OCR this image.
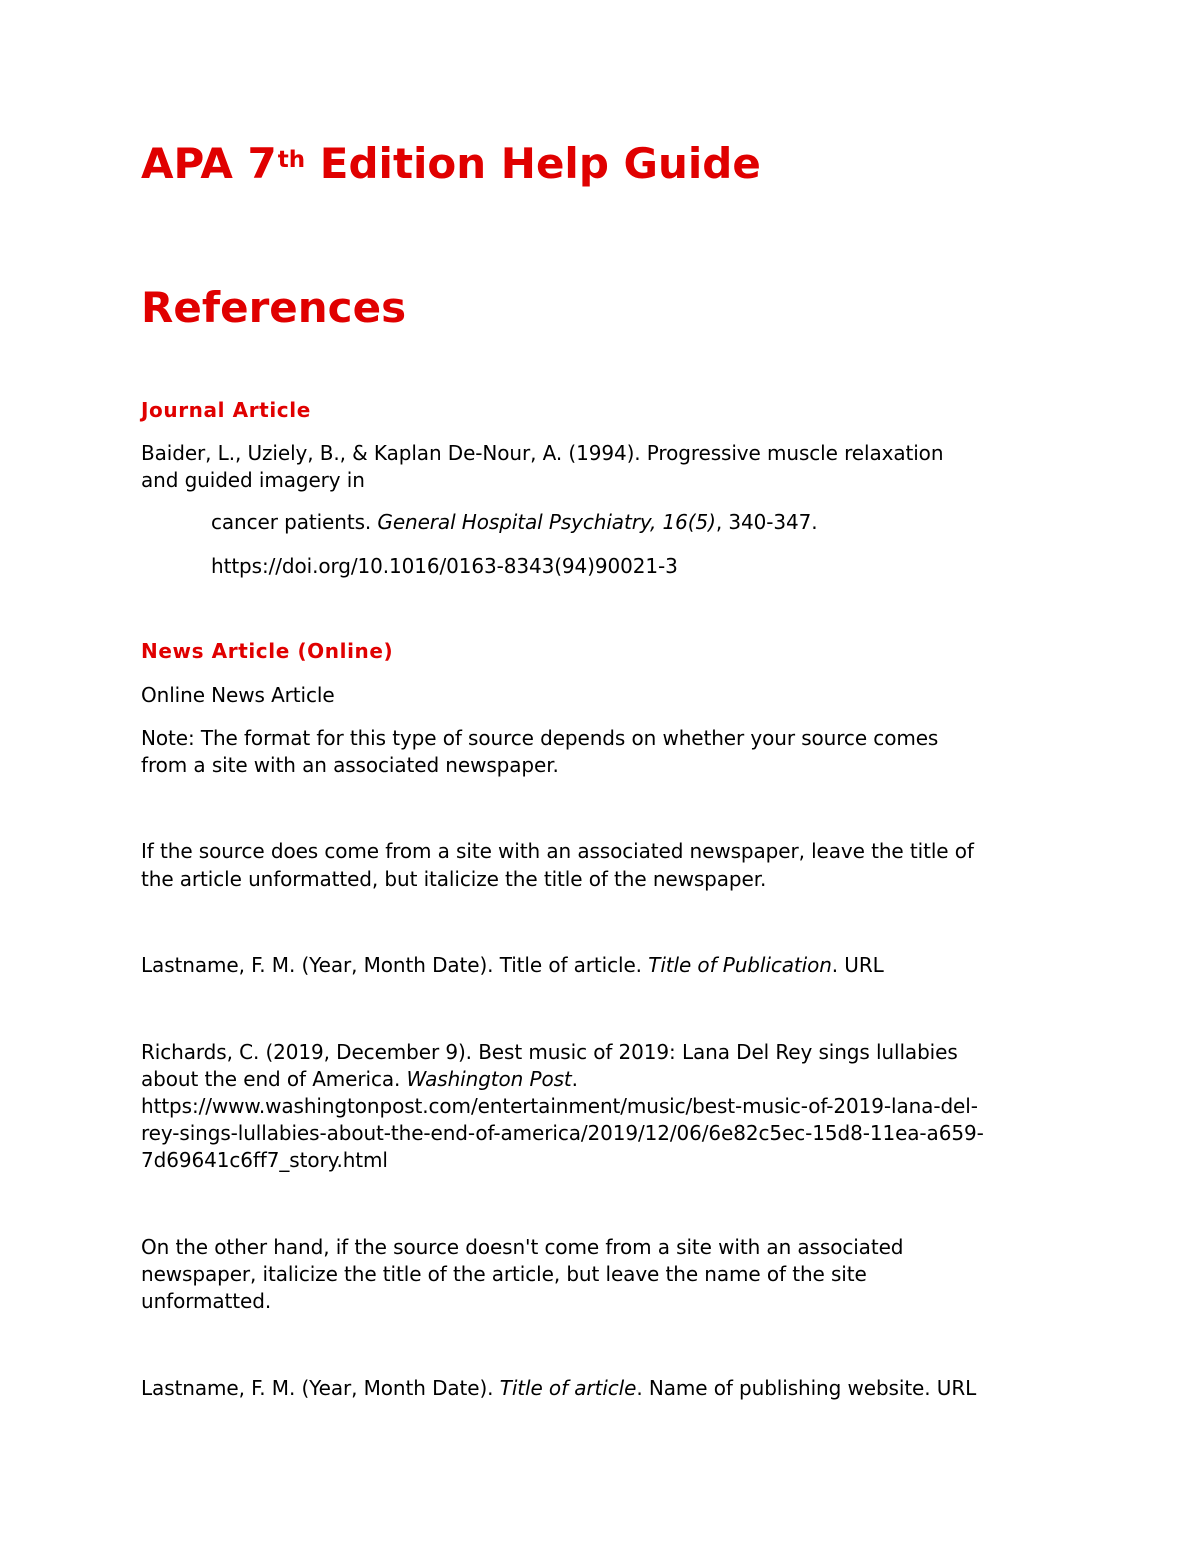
APA 7th Edition Help Guide
References
Journal Article

Baider, L., Uziely, B., & Kaplan De-Nour, A. (1994). Progressive muscle relaxation

and guided imagery in

cancer patients. General Hospital Psychiatry, 16(5), 340-347.

https://doi.org/10.1016/0163-8343(94)90021-3

News Article (Online)

Online News Article

Note: The format for this type of source depends on whether your source comes

from a site with an associated newspaper.

If the source does come from a site with an associated newspaper, leave the title of

the article unformatted, but italicize the title of the newspaper.

Lastname, F. M. (Year, Month Date). Title of article. Title of Publication. URL

Richards, C. (2019, December 9). Best music of 2019: Lana Del Rey sings lullabies

about the end of America. Washington Post.

https://www.washingtonpost.com/entertainment/music/best-music-of-2019-lana-del-

rey-sings-lullabies-about-the-end-of-america/2019/12/06/6e82c5ec-15d8-11ea-a659-

7d69641c6ff7_story.html

On the other hand, if the source doesn't come from a site with an associated

newspaper, italicize the title of the article, but leave the name of the site

unformatted.

Lastname, F. M. (Year, Month Date). Title of article. Name of publishing website. URL
